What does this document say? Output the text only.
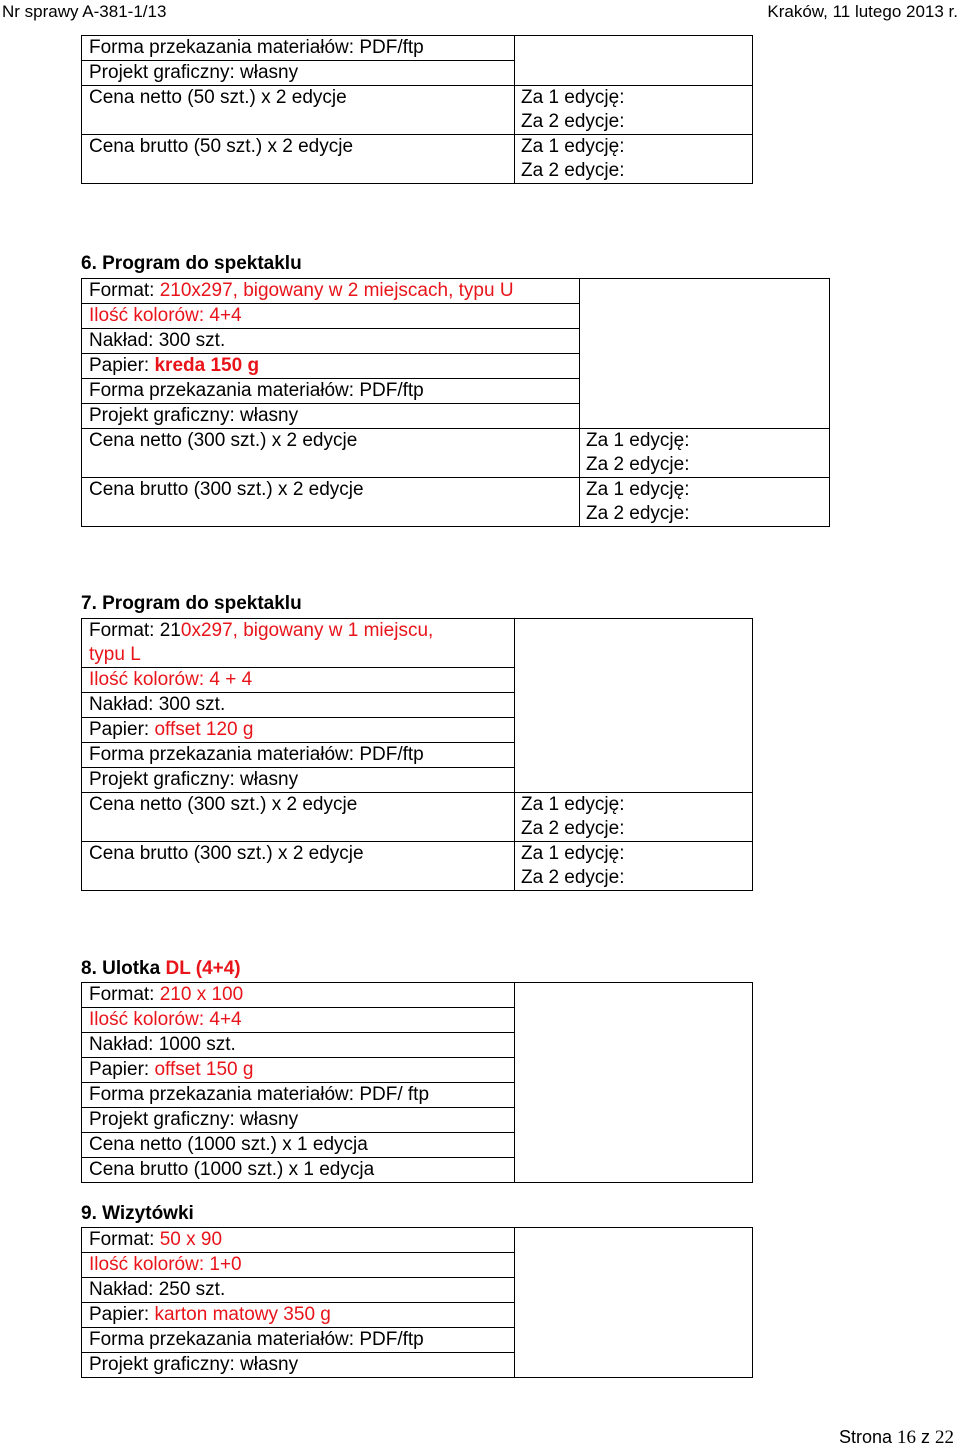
Nr sprawy A-381-1/13	Kraków, 11 lutego 2013 r.
Forma przekazania materiałów: PDF/ftp	
Projekt graficzny: własny	
Cena netto (50 szt.) x 2 edycje	Za 1 edycję:
Za 2 edycje:

Cena brutto (50 szt.) x 2 edycje	Za 1 edycję:
Za 2 edycje:
6. Program do spektaklu
Format: 210x297, bigowany w 2 miejscach, typu U	
Ilość kolorów: 4+4	
Nakład: 300 szt.	
Papier: kreda 150 g	
Forma przekazania materiałów: PDF/ftp	
Projekt graficzny: własny	
Cena netto (300 szt.) x 2 edycje	Za 1 edycję:
Za 2 edycje:

Cena brutto (300 szt.) x 2 edycje	Za 1 edycję:
Za 2 edycje:
7. Program do spektaklu
Format: 210x297, bigowany w 1 miejscu,
typu L	
Ilość kolorów: 4 + 4	
Nakład: 300 szt.	
Papier: offset 120 g	
Forma przekazania materiałów: PDF/ftp	
Projekt graficzny: własny	
Cena netto (300 szt.) x 2 edycje	Za 1 edycję:
Za 2 edycje:

Cena brutto (300 szt.) x 2 edycje	Za 1 edycję:
Za 2 edycje:
8. Ulotka DL (4+4)
Format: 210 x 100	
Ilość kolorów: 4+4
Nakład: 1000 szt.
Papier: offset 150 g
Forma przekazania materiałów: PDF/ ftp
Projekt graficzny: własny
Cena netto (1000 szt.) x 1 edycja
Cena brutto (1000 szt.) x 1 edycja
9. Wizytówki
Format: 50 x 90	
Ilość kolorów: 1+0
Nakład: 250 szt.
Papier: karton matowy 350 g
Forma przekazania materiałów: PDF/ftp
Projekt graficzny: własny
Strona 16 z 22
